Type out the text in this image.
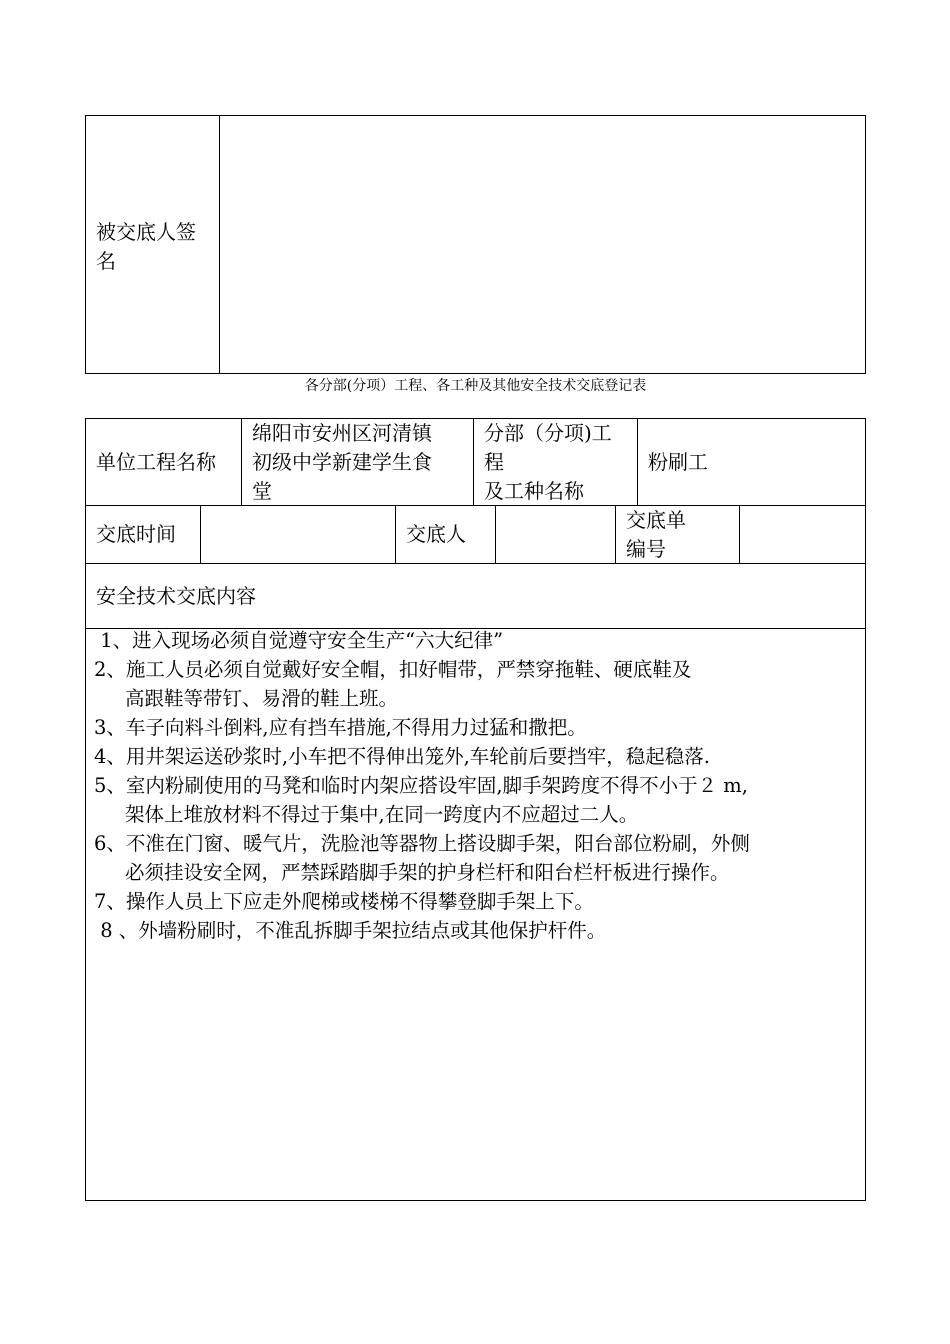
被交底人签
名
各分部(分项）工程、各工种及其他安全技术交底登记表
单位工程名称
绵阳市安州区河清镇
初级中学新建学生食
堂
分部（分项)工
程
及工种名称
粉刷工
交底时间	交底人
交底单
编号
安全技术交底内容
1、进入现场必须自觉遵守安全生产“六大纪律”
2、施工人员必须自觉戴好安全帽，扣好帽带，严禁穿拖鞋、硬底鞋及
高跟鞋等带钉、易滑的鞋上班。
3、车子向料斗倒料,应有挡车措施,不得用力过猛和撒把。
4、用井架运送砂浆时,小车把不得伸出笼外,车轮前后要挡牢，稳起稳落.
5、室内粉刷使用的马凳和临时内架应搭设牢固,脚手架跨度不得不小于２ m,
架体上堆放材料不得过于集中,在同一跨度内不应超过二人。
6、不准在门窗、暖气片，洗脸池等器物上搭设脚手架，阳台部位粉刷，外侧
必须挂设安全网，严禁踩踏脚手架的护身栏杆和阳台栏杆板进行操作。
7、操作人员上下应走外爬梯或楼梯不得攀登脚手架上下。
8 、外墙粉刷时，不准乱拆脚手架拉结点或其他保护杆件。
